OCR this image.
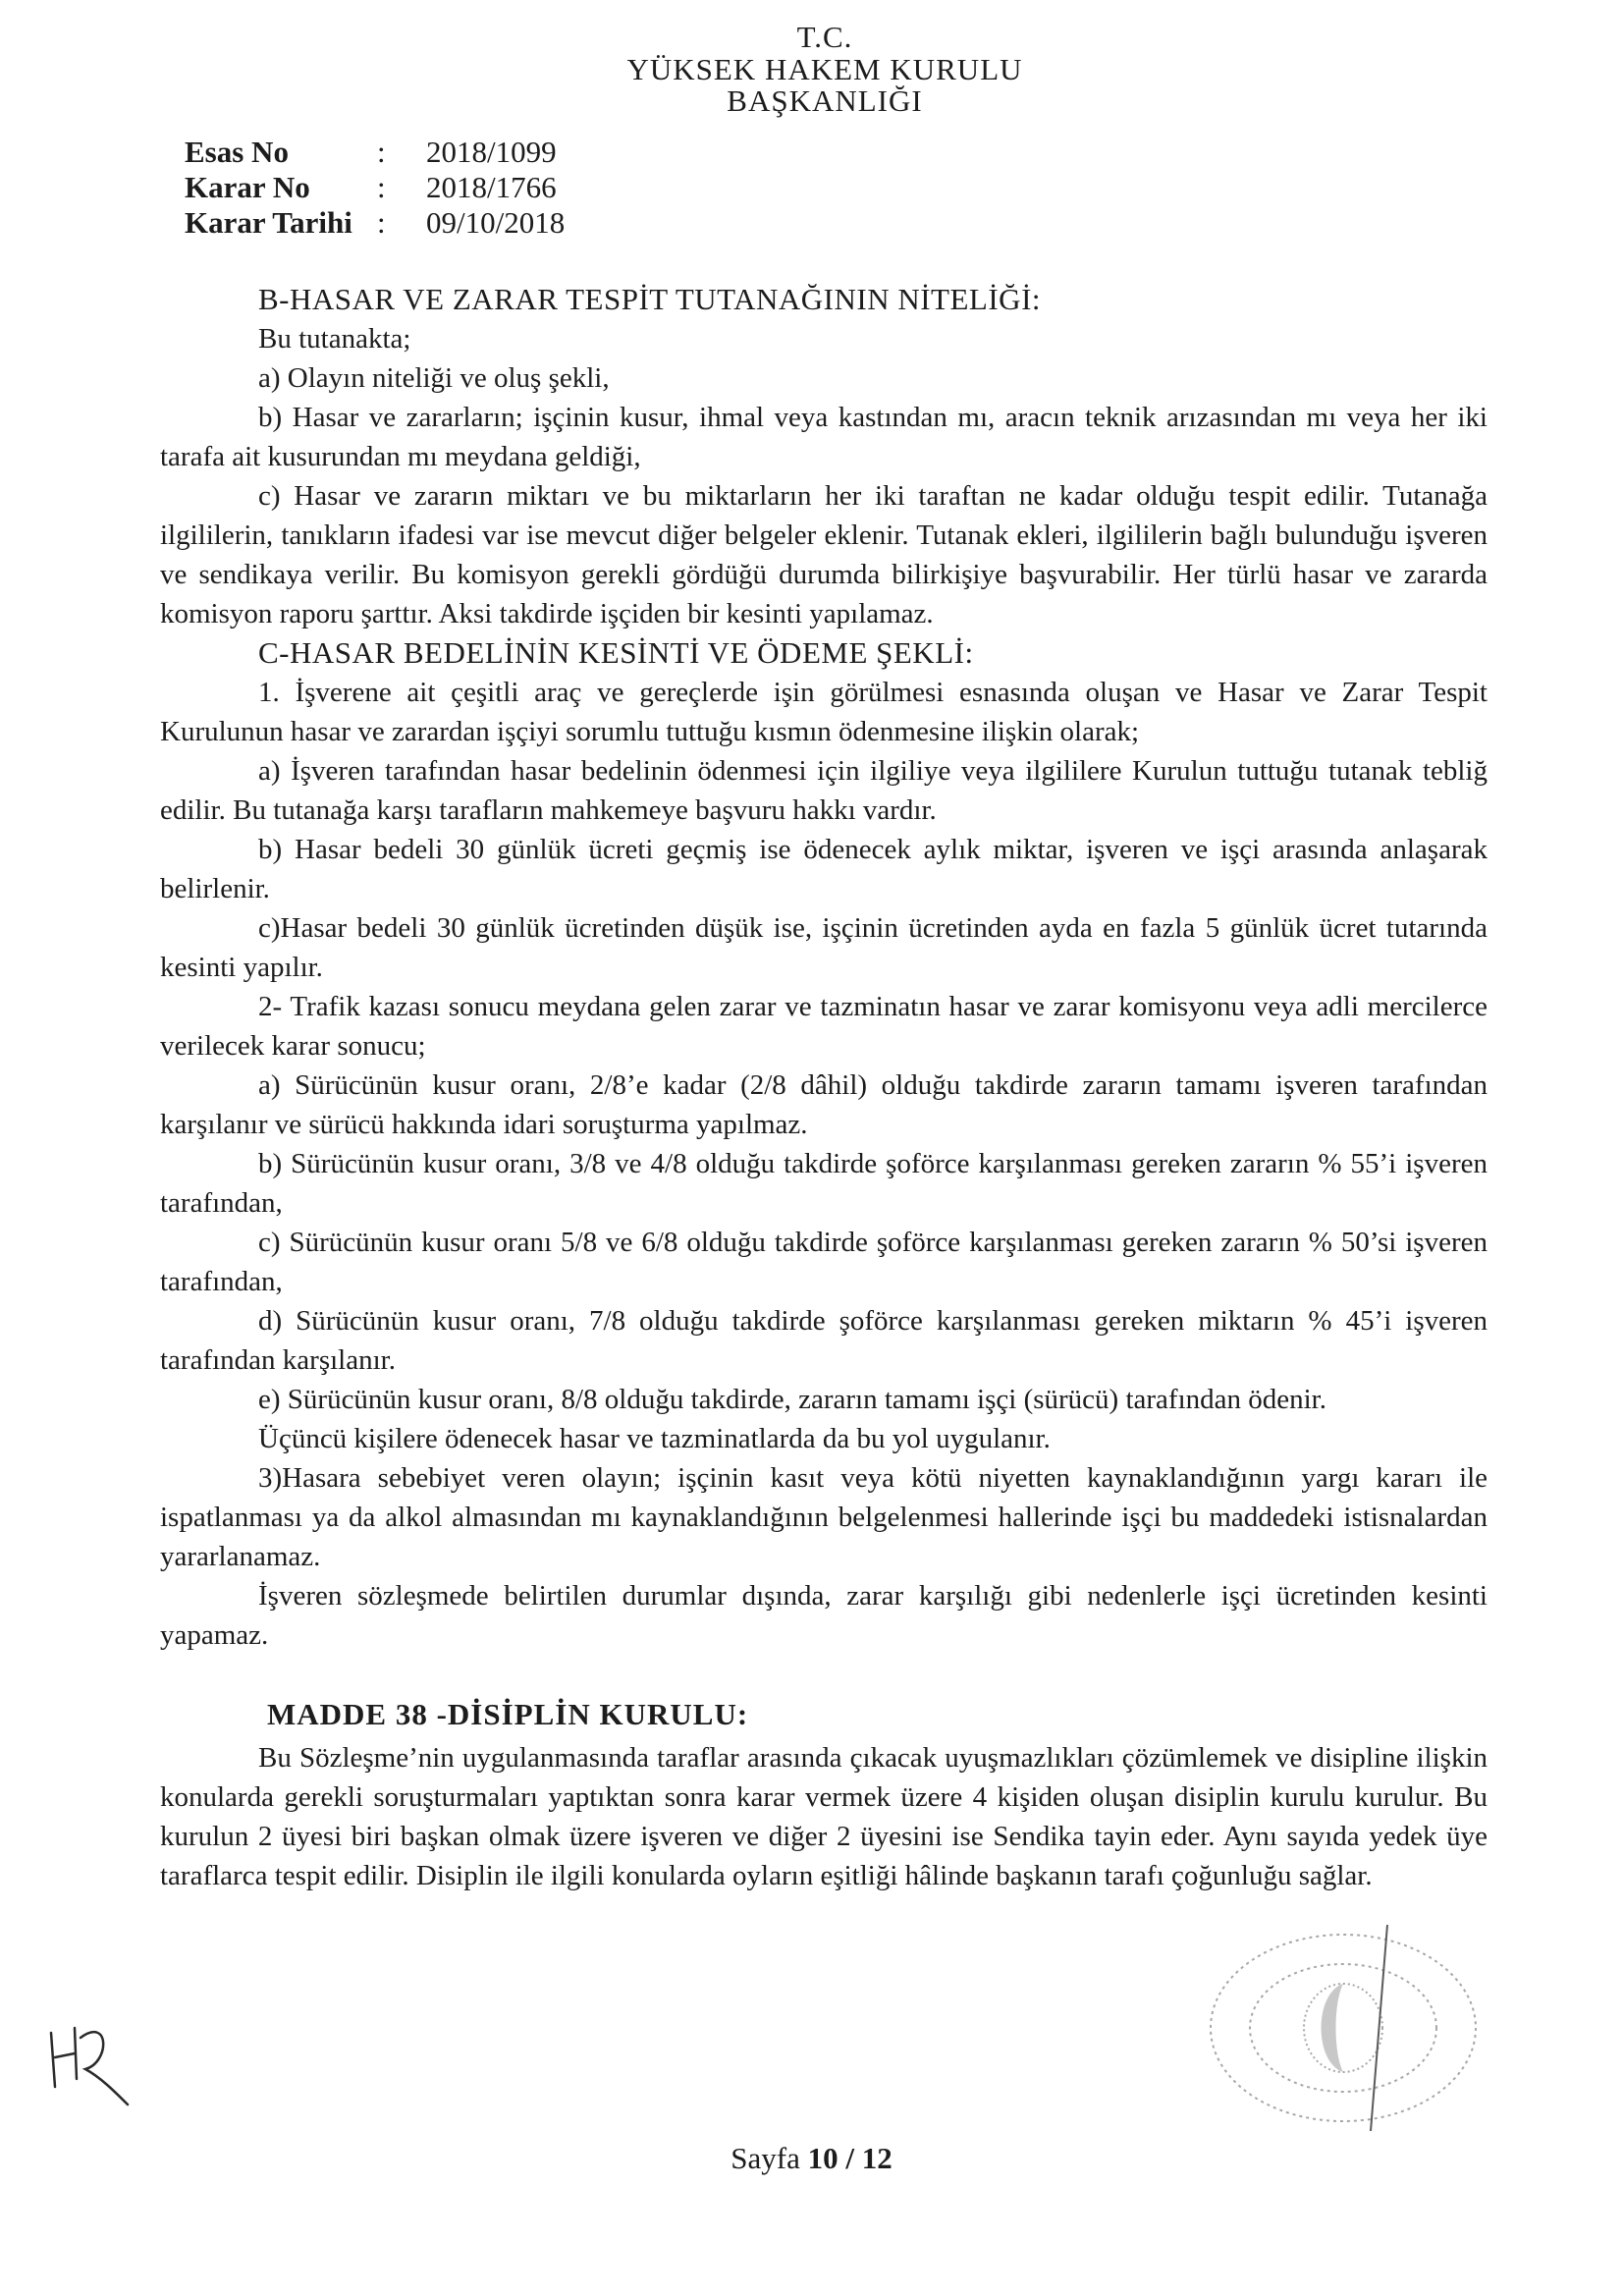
T.C.
YÜKSEK HAKEM KURULU
BAŞKANLIĞI
Esas No	:	2018/1099
Karar No	:	2018/1766
Karar Tarihi :	09/10/2018

B-HASAR VE ZARAR TESPİT TUTANAĞININ NİTELİĞİ:

Bu tutanakta;

a) Olayın niteliği ve oluş şekli,

b) Hasar ve zararların; işçinin kusur, ihmal veya kastından mı, aracın teknik arızasından mı veya her iki tarafa ait kusurundan mı meydana geldiği,

c) Hasar ve zararın miktarı ve bu miktarların her iki taraftan ne kadar olduğu tespit edilir. Tutanağa ilgililerin, tanıkların ifadesi var ise mevcut diğer belgeler eklenir. Tutanak ekleri, ilgililerin bağlı bulunduğu işveren ve sendikaya verilir. Bu komisyon gerekli gördüğü durumda bilirkişiye başvurabilir. Her türlü hasar ve zararda komisyon raporu şarttır. Aksi takdirde işçiden bir kesinti yapılamaz.

C-HASAR BEDELİNİN KESİNTİ VE ÖDEME ŞEKLİ:

1. İşverene ait çeşitli araç ve gereçlerde işin görülmesi esnasında oluşan ve Hasar ve Zarar Tespit Kurulunun hasar ve zarardan işçiyi sorumlu tuttuğu kısmın ödenmesine ilişkin olarak;

a) İşveren tarafından hasar bedelinin ödenmesi için ilgiliye veya ilgililere Kurulun tuttuğu tutanak tebliğ edilir. Bu tutanağa karşı tarafların mahkemeye başvuru hakkı vardır.

b) Hasar bedeli 30 günlük ücreti geçmiş ise ödenecek aylık miktar, işveren ve işçi arasında anlaşarak belirlenir.

c)Hasar bedeli 30 günlük ücretinden düşük ise, işçinin ücretinden ayda en fazla 5 günlük ücret tutarında kesinti yapılır.

2- Trafik kazası sonucu meydana gelen zarar ve tazminatın hasar ve zarar komisyonu veya adli mercilerce verilecek karar sonucu;

a) Sürücünün kusur oranı, 2/8’e kadar (2/8 dâhil) olduğu takdirde zararın tamamı işveren tarafından karşılanır ve sürücü hakkında idari soruşturma yapılmaz.

b) Sürücünün kusur oranı, 3/8 ve 4/8 olduğu takdirde şoförce karşılanması gereken zararın % 55’i işveren tarafından,

c) Sürücünün kusur oranı 5/8 ve 6/8 olduğu takdirde şoförce karşılanması gereken zararın % 50’si işveren tarafından,

d) Sürücünün kusur oranı, 7/8 olduğu takdirde şoförce karşılanması gereken miktarın % 45’i işveren tarafından karşılanır.

e) Sürücünün kusur oranı, 8/8 olduğu takdirde, zararın tamamı işçi (sürücü) tarafından ödenir.

Üçüncü kişilere ödenecek hasar ve tazminatlarda da bu yol uygulanır.

3)Hasara sebebiyet veren olayın; işçinin kasıt veya kötü niyetten kaynaklandığının yargı kararı ile ispatlanması ya da alkol almasından mı kaynaklandığının belgelenmesi hallerinde işçi bu maddedeki istisnalardan yararlanamaz.

İşveren sözleşmede belirtilen durumlar dışında, zarar karşılığı gibi nedenlerle işçi ücretinden kesinti yapamaz.

MADDE 38 -DİSİPLİN KURULU:

Bu Sözleşme’nin uygulanmasında taraflar arasında çıkacak uyuşmazlıkları çözümlemek ve disipline ilişkin konularda gerekli soruşturmaları yaptıktan sonra karar vermek üzere 4 kişiden oluşan disiplin kurulu kurulur. Bu kurulun 2 üyesi biri başkan olmak üzere işveren ve diğer 2 üyesini ise Sendika tayin eder. Aynı sayıda yedek üye taraflarca tespit edilir. Disiplin ile ilgili konularda oyların eşitliği hâlinde başkanın tarafı çoğunluğu sağlar.

Sayfa 10 / 12
